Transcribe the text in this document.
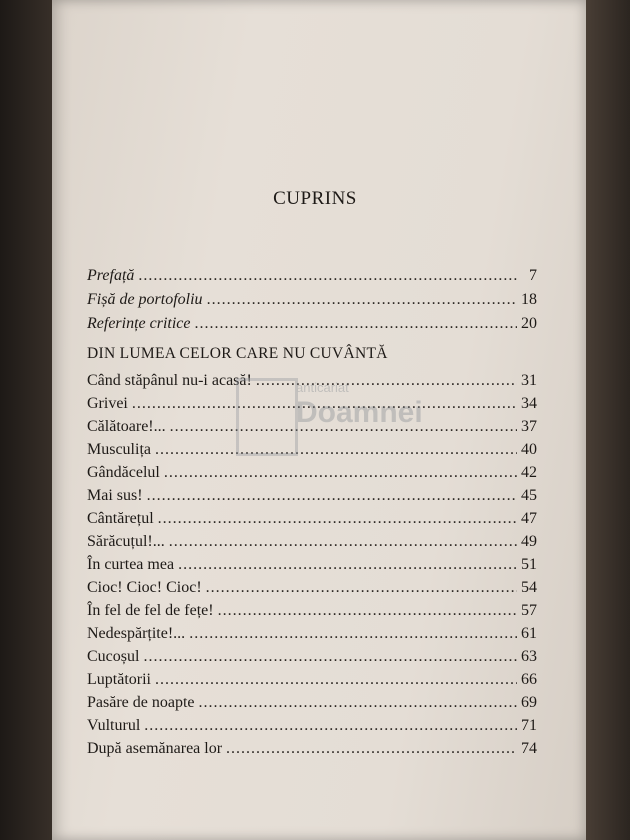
CUPRINS
Prefață .....	7
Fișă de portofoliu .....	18
Referințe critice .....	20
DIN LUMEA CELOR CARE NU CUVÂNTĂ
Când stăpânul nu-i acasă! .....	31
Grivei .....	34
Călătoare!... .....	37
Musculița .....	40
Gândăcelul .....	42
Mai sus! .....	45
Cântărețul .....	47
Sărăcuțul!... .....	49
În curtea mea .....	51
Cioc! Cioc! Cioc! .....	54
În fel de fel de fețe! .....	57
Nedespărțite!... .....	61
Cucoșul .....	63
Luptătorii .....	66
Pasăre de noapte .....	69
Vulturul .....	71
După asemănarea lor .....	74
anticariat
Doamnei
